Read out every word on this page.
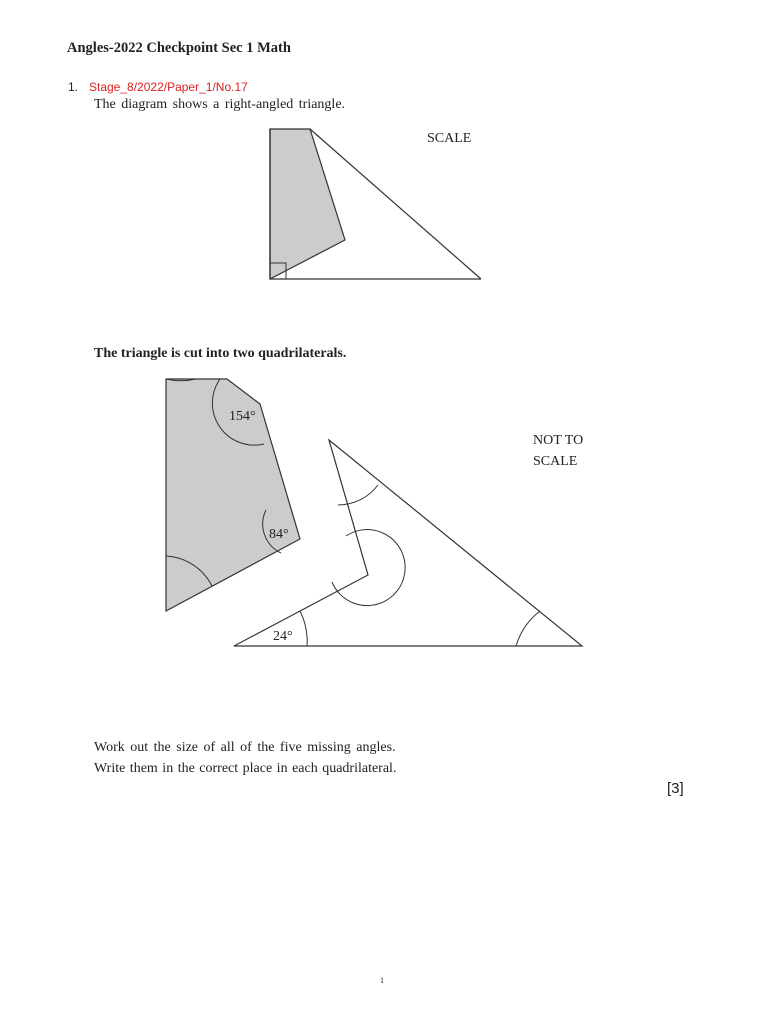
Angles-2022 Checkpoint Sec 1 Math
1. Stage_8/2022/Paper_1/No.17
The diagram shows a right-angled triangle.
SCALE
154°
84°
24°
NOT TO
SCALE
The triangle is cut into two quadrilaterals.
Work out the size of all of the five missing angles.
Write them in the correct place in each quadrilateral.
[3]
1
